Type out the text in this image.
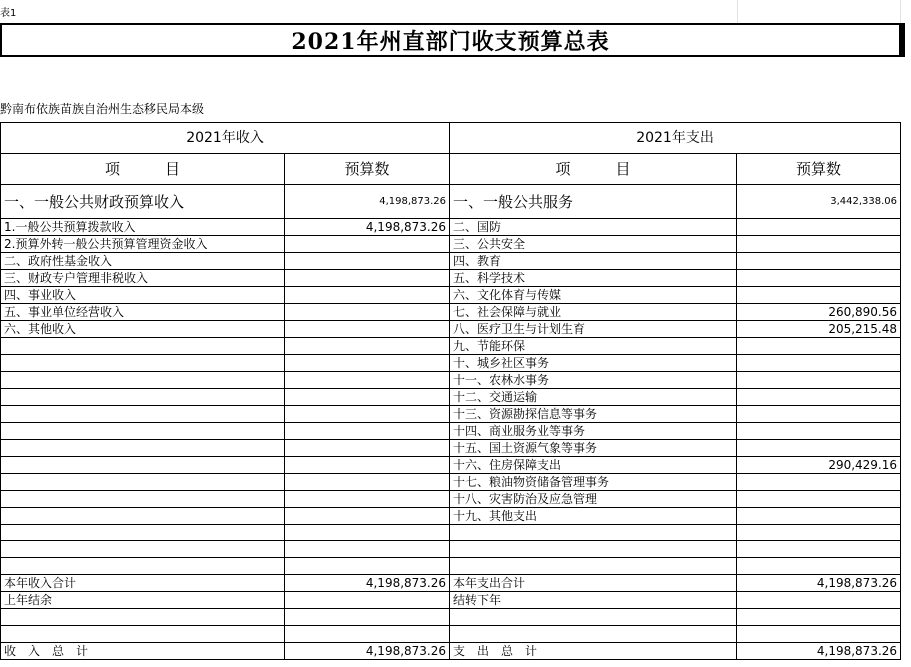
表1
2021年州直部门收支预算总表
黔南布依族苗族自治州生态移民局本级
2021年收入		2021年支出	
项　　　目	预算数	项　　　目	预算数
一、一般公共财政预算收入	4,198,873.26	一、一般公共服务	3,442,338.06
1.一般公共预算拨款收入	4,198,873.26	二、国防	
2.预算外转一般公共预算管理资金收入		三、公共安全	
二、政府性基金收入		四、教育	
三、财政专户管理非税收入		五、科学技术	
四、事业收入		六、文化体育与传媒	
五、事业单位经营收入		七、社会保障与就业	260,890.56
六、其他收入		八、医疗卫生与计划生育	205,215.48
		九、节能环保	
		十、城乡社区事务	
		十一、农林水事务	
		十二、交通运输	
		十三、资源勘探信息等事务	
		十四、商业服务业等事务	
		十五、国土资源气象等事务	
		十六、住房保障支出	290,429.16
		十七、粮油物资储备管理事务	
		十八、灾害防治及应急管理	
		十九、其他支出	

本年收入合计	4,198,873.26	本年支出合计	4,198,873.26
上年结余		结转下年	

收　入　总　计	4,198,873.26	支　出　总　计	4,198,873.26
